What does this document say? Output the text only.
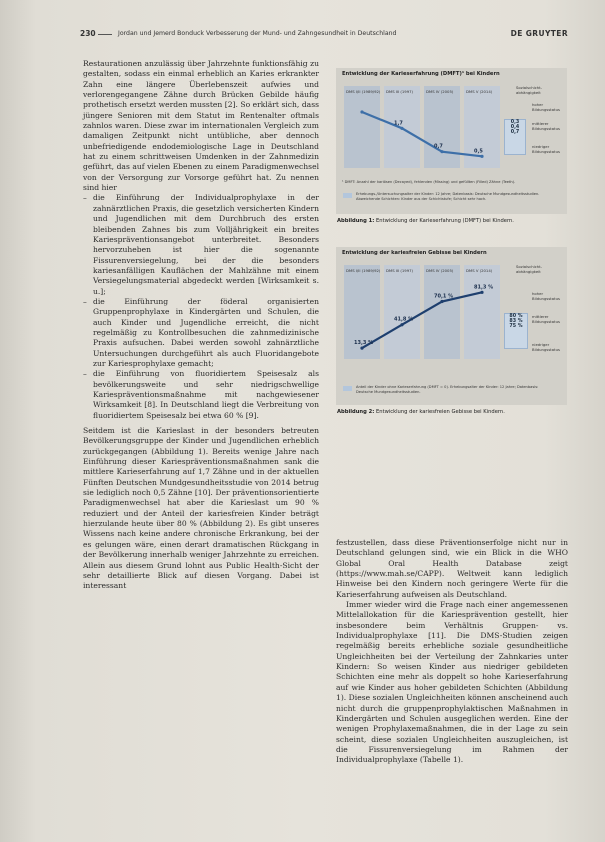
230	Jordan und Jemerd Bonduck Verbesserung der Mund- und Zahngesundheit in Deutschland	DE GRUYTER

Restaurationen anzulässig über Jahrzehnte funktionsfähig zu gestalten, sodass ein einmal erheblich an Karies erkrankter Zahn eine längere Überlebenszeit aufwies und verlorengegangene Zähne durch Brücken Gebilde häufig prothetisch ersetzt werden mussten [2]. So erklärt sich, dass jüngere Senioren mit dem Statut im Rentenalter oftmals zahnlos waren. Diese zwar im internationalen Vergleich zum damaligen Zeitpunkt nicht untübliche, aber dennoch unbefriedigende endodemiologische Lage in Deutschland hat zu einem schrittweisen Umdenken in der Zahnmedizin geführt, das auf vielen Ebenen zu einem Paradigmenwechsel von der Versorgung zur Vorsorge geführt hat. Zu nennen sind hier

– die Einführung der Individualprophylaxe in der zahnärztlichen Praxis, die gesetzlich versicherten Kindern und Jugendlichen mit dem Durchbruch des ersten bleibenden Zahnes bis zum Volljährigkeit ein breites Kariespräventionsangebot unterbreitet. Besonders hervorzuheben ist hier die sogenannte Fissurenversiegelung, bei der die besonders kariesanfälligen Kauflächen der Mahlzähne mit einem Versiegelungsmaterial abgedeckt werden [Wirksamkeit s. u.];
– die Einführung der föderal organisierten Gruppenprophylaxe in Kindergärten und Schulen, die auch Kinder und Jugendliche erreicht, die nicht regelmäßig zu Kontrollbesuchen die zahnmedizinische Praxis aufsuchen. Dabei werden sowohl zahnärztliche Untersuchungen durchgeführt als auch Fluoridangebote zur Kariesprophylaxe gemacht;
– die Einführung von fluoridiertem Speisesalz als bevölkerungsweite und sehr niedrigschwellige Kariespräventionsmaßnahme mit nachgewiesener Wirksamkeit [8]. In Deutschland liegt die Verbreitung von fluoridiertem Speisesalz bei etwa 60 % [9].

Seitdem ist die Karieslast in der besonders betreuten Bevölkerungsgruppe der Kinder und Jugendlichen erheblich zurückgegangen (Abbildung 1). Bereits wenige Jahre nach Einführung dieser Kariespräventionsmaßnahmen sank die mittlere Karieserfahrung auf 1,7 Zähne und in der aktuellen Fünften Deutschen Mundgesundheitsstudie von 2014 betrug sie lediglich noch 0,5 Zähne [10]. Der präventionsorientierte Paradigmenwechsel hat aber die Karieslast um 90 % reduziert und der Anteil der kariesfreien Kinder beträgt hierzulande heute über 80 % (Abbildung 2). Es gibt unseres Wissens nach keine andere chronische Erkrankung, bei der es gelungen wäre, einen derart dramatischen Rückgang in der Bevölkerung innerhalb weniger Jahrzehnte zu erreichen. Allein aus diesem Grund lohnt aus Public Health-Sicht der sehr detaillierte Blick auf diesen Vorgang. Dabei ist interessant

Entwicklung der Karieserfahrung (DMFT)¹ bei Kindern
DMS I/II (1989/92) DMS III (1997)	DMS IV (2005)	DMS V (2014)
1,7
0,7
0,5
Sozialschicht-abhängigkeit
hoher Bildungsstatus
mittlerer Bildungsstatus
niedriger Bildungsstatus
0,3
0,4
0,7
¹ DMFT: Anzahl der kariösen (Decayed), fehlenden (Missing) und gefüllten (Filled) Zähne (Teeth).
Erhebungs-/Untersuchungsalter der Kinder: 12 Jahre; Datenbasis: Deutsche Mundgesundheitsstudien. Abweichende Schichten: Kinder aus der Schichtstufe; Schicht sehr hoch.
Abbildung 1: Entwicklung der Karieserfahrung (DMFT) bei Kindern.
Entwicklung der kariesfreien Gebisse bei Kindern
DMS I/II (1989/92) DMS III (1997)	DMS IV (2005)	DMS V (2014)
13,3 %
41,8 %
70,1 %
81,3 %
Sozialschicht-abhängigkeit
hoher Bildungsstatus
mittlerer Bildungsstatus
niedriger Bildungsstatus
80 %
83 %
75 %
Anteil der Kinder ohne Karieserfahrung (DMFT = 0). Erhebungsalter der Kinder: 12 Jahre; Datenbasis: Deutsche Mundgesundheitsstudien.
Abbildung 2: Entwicklung der kariesfreien Gebisse bei Kindern.

festzustellen, dass diese Präventionserfolge nicht nur in Deutschland gelungen sind, wie ein Blick in die WHO Global Oral Health Database zeigt (https://www.mah.se/CAPP). Weltweit kann lediglich Hinweise bei den Kindern noch geringere Werte für die Karieserfahrung aufweisen als Deutschland.

Immer wieder wird die Frage nach einer angemessenen Mittelallokation für die Kariesprävention gestellt, hier insbesondere beim Verhältnis Gruppen- vs. Individualprophylaxe [11]. Die DMS-Studien zeigen regelmäßig bereits erhebliche soziale gesundheitliche Ungleichheiten bei der Verteilung der Zahnkaries unter Kindern: So weisen Kinder aus niedriger gebildeten Schichten eine mehr als doppelt so hohe Karieserfahrung auf wie Kinder aus hoher gebildeten Schichten (Abbildung 1). Diese sozialen Ungleichheiten können anscheinend auch nicht durch die gruppenprophylaktischen Maßnahmen in Kindergärten und Schulen ausgeglichen werden. Eine der wenigen Prophylaxemaßnahmen, die in der Lage zu sein scheint, diese sozialen Ungleichheiten auszugleichen, ist die Fissurenversiegelung im Rahmen der Individualprophylaxe (Tabelle 1).
